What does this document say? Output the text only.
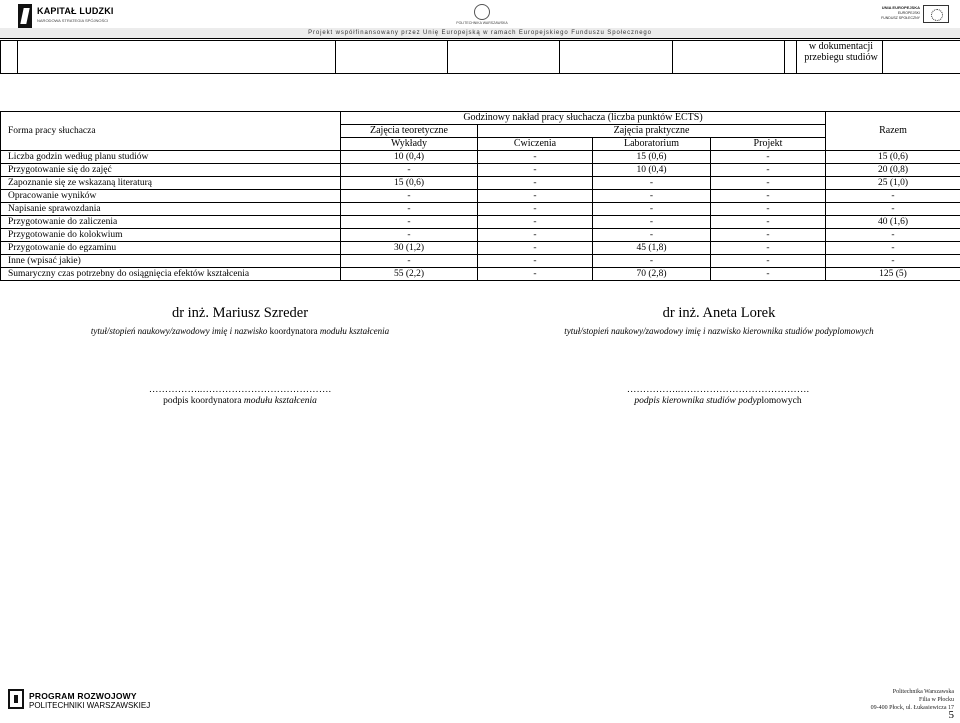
KAPITAŁ LUDZKI
NARODOWA STRATEGIA SPÓJNOŚCI	POLITECHNIKA WARSZAWSKA
UNIA EUROPEJSKA
EUROPEJSKI
FUNDUSZ SPOŁECZNY
Projekt współfinansowany przez Unię Europejską w ramach Europejskiego Funduszu Społecznego

w dokumentacji przebiegu studiów
Forma pracy słuchacza	Godzinowy nakład pracy słuchacza (liczba punktów ECTS)				Razem
	Zajęcia teoretyczne	Zajęcia praktyczne			
	Wykłady	Ćwiczenia	Laboratorium	Projekt	
Liczba godzin według planu studiów	10 (0,4)	-	15 (0,6)	-	15 (0,6)
Przygotowanie się do zajęć	-	-	10 (0,4)	-	20 (0,8)
Zapoznanie się ze wskazaną literaturą	15 (0,6)	-	-	-	25 (1,0)
Opracowanie wyników	-	-	-	-	-
Napisanie sprawozdania	-	-	-	-	-
Przygotowanie do zaliczenia	-	-	-	-	40 (1,6)
Przygotowanie do kolokwium	-	-	-	-	-
Przygotowanie do egzaminu	30 (1,2)	-	45 (1,8)	-	-
Inne (wpisać jakie)	-	-	-	-	-
Sumaryczny czas potrzebny do osiągnięcia efektów kształcenia	55 (2,2)	-	70 (2,8)	-	125 (5)
dr inż. Mariusz Szreder
tytuł/stopień naukowy/zawodowy imię i nazwisko koordynatora modułu kształcenia
dr inż. Aneta Lorek
tytuł/stopień naukowy/zawodowy imię i nazwisko kierownika studiów podyplomowych
……………..………………………………….
podpis koordynatora modułu kształcenia
……………..………………………………….
podpis kierownika studiów podyplomowych
PROGRAM ROZWOJOWY
POLITECHNIKI WARSZAWSKIEJ
Politechnika Warszawska
Filia w Płocku
09-400 Płock, ul. Łukasiewicza 17
5
